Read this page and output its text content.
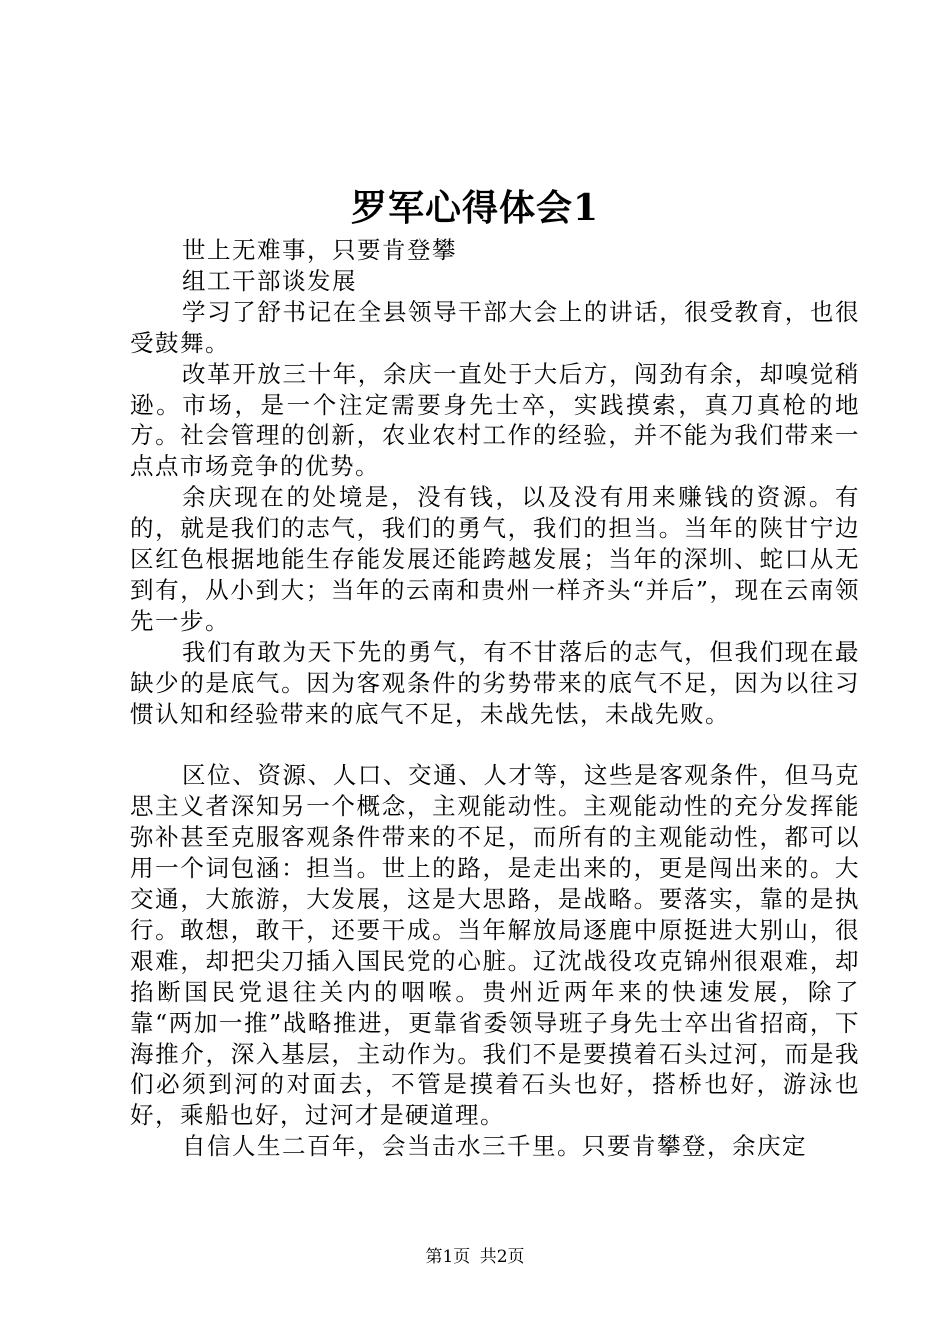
罗军心得体会1

世上无难事，只要肯登攀

组工干部谈发展

学习了舒书记在全县领导干部大会上的讲话，很受教育，也很受鼓舞。

改革开放三十年，余庆一直处于大后方，闯劲有余，却嗅觉稍逊。市场，是一个注定需要身先士卒，实践摸索，真刀真枪的地方。社会管理的创新，农业农村工作的经验，并不能为我们带来一点点市场竞争的优势。

余庆现在的处境是，没有钱，以及没有用来赚钱的资源。有的，就是我们的志气，我们的勇气，我们的担当。当年的陕甘宁边区红色根据地能生存能发展还能跨越发展；当年的深圳、蛇口从无到有，从小到大；当年的云南和贵州一样齐头“并后”，现在云南领先一步。

我们有敢为天下先的勇气，有不甘落后的志气，但我们现在最缺少的是底气。因为客观条件的劣势带来的底气不足，因为以往习惯认知和经验带来的底气不足，未战先怯，未战先败。

区位、资源、人口、交通、人才等，这些是客观条件，但马克思主义者深知另一个概念，主观能动性。主观能动性的充分发挥能弥补甚至克服客观条件带来的不足，而所有的主观能动性，都可以用一个词包涵：担当。世上的路，是走出来的，更是闯出来的。大交通，大旅游，大发展，这是大思路，是战略。要落实，靠的是执行。敢想，敢干，还要干成。当年解放局逐鹿中原挺进大别山，很艰难，却把尖刀插入国民党的心脏。辽沈战役攻克锦州很艰难，却掐断国民党退往关内的咽喉。贵州近两年来的快速发展，除了靠“两加一推”战略推进，更靠省委领导班子身先士卒出省招商，下海推介，深入基层，主动作为。我们不是要摸着石头过河，而是我们必须到河的对面去，不管是摸着石头也好，搭桥也好，游泳也好，乘船也好，过河才是硬道理。

自信人生二百年，会当击水三千里。只要肯攀登，余庆定

第1页 共2页
